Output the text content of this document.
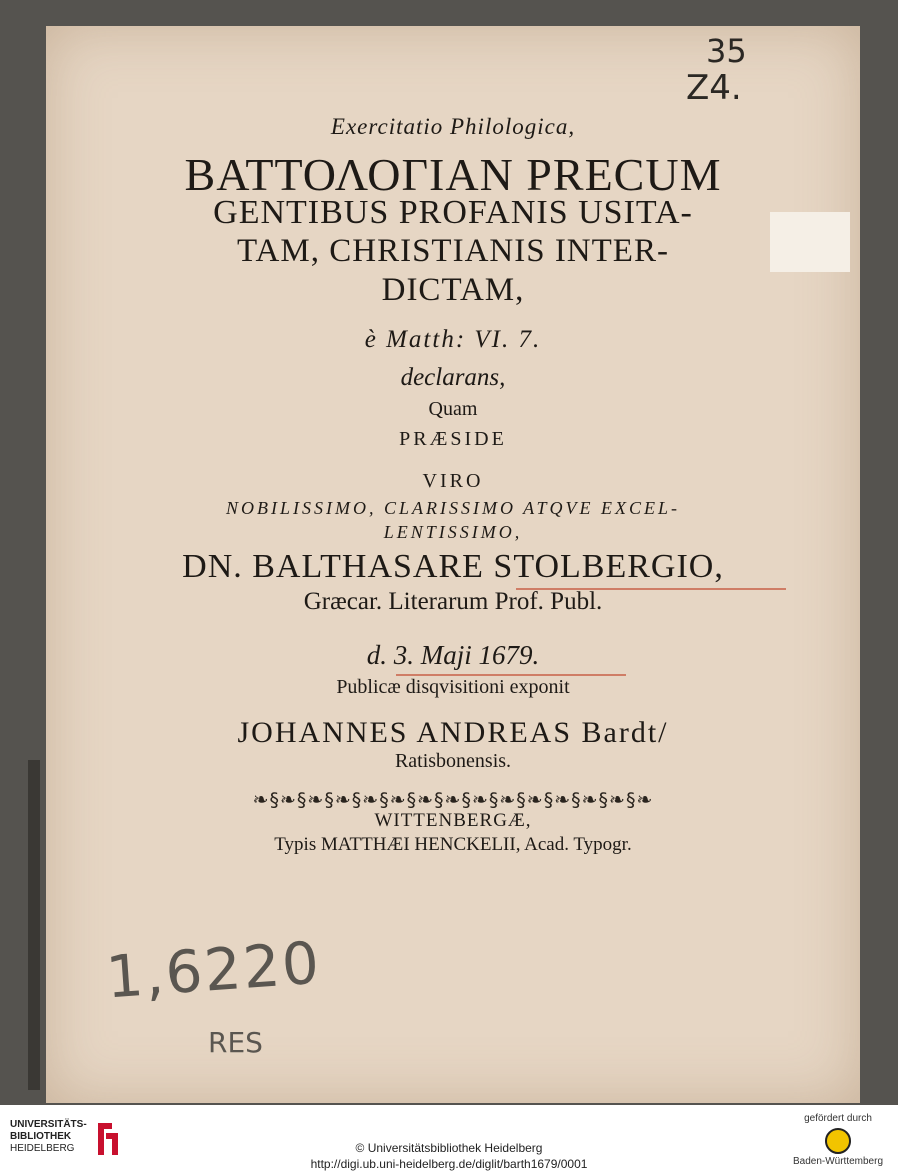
Exercitatio Philologica,
ΒΑΤΤΟΛΟΓΙΑΝ PRECUM
GENTIBUS PROFANIS USITA-
TAM, CHRISTIANIS INTER-
DICTAM,
è Matth: VI. 7.
declarans,
Quam
PRÆSIDE
VIRO
NOBILISSIMO, CLARISSIMO ATQVE EXCEL-
LENTISSIMO,
DN. BALTHASARE STOLBERGIO,
Græcar. Literarum Prof. Publ.
d. 3. Maji 1679.
Publicæ disqvisitioni exponit
JOHANNES ANDREAS Bardt/
Ratisbonensis.
❧§❧§❧§❧§❧§❧§❧§❧§❧§❧§❧§❧§❧§❧§❧
WITTENBERGÆ,
Typis MATTHÆI HENCKELII, Acad. Typogr.
1,6220
RES
35
Z4.
UNIVERSITÄTS-
BIBLIOTHEK
HEIDELBERG	© Universitätsbibliothek Heidelberg
http://digi.ub.uni-heidelberg.de/diglit/barth1679/0001
gefördert durch
Baden-Württemberg
